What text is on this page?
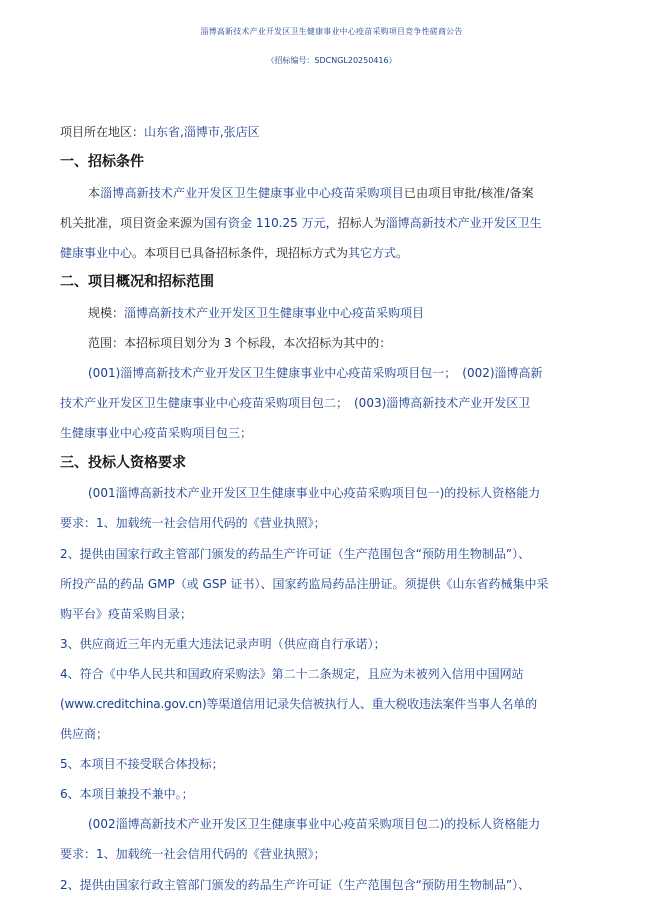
淄博高新技术产业开发区卫生健康事业中心疫苗采购项目竞争性磋商公告
（招标编号：SDCNGL20250416）
项目所在地区：山东省,淄博市,张店区
一、招标条件
本淄博高新技术产业开发区卫生健康事业中心疫苗采购项目已由项目审批/核准/备案
机关批准，项目资金来源为国有资金 110.25 万元，招标人为淄博高新技术产业开发区卫生
健康事业中心。本项目已具备招标条件，现招标方式为其它方式。
二、项目概况和招标范围
规模：淄博高新技术产业开发区卫生健康事业中心疫苗采购项目
范围：本招标项目划分为 3 个标段，本次招标为其中的：
(001)淄博高新技术产业开发区卫生健康事业中心疫苗采购项目包一；　(002)淄博高新
技术产业开发区卫生健康事业中心疫苗采购项目包二；　(003)淄博高新技术产业开发区卫
生健康事业中心疫苗采购项目包三；
三、投标人资格要求
(001淄博高新技术产业开发区卫生健康事业中心疫苗采购项目包一)的投标人资格能力
要求：1、加载统一社会信用代码的《营业执照》；
2、提供由国家行政主管部门颁发的药品生产许可证（生产范围包含“预防用生物制品”）、
所投产品的药品 GMP（或 GSP 证书）、国家药监局药品注册证。须提供《山东省药械集中采
购平台》疫苗采购目录；
3、供应商近三年内无重大违法记录声明（供应商自行承诺）；
4、符合《中华人民共和国政府采购法》第二十二条规定，且应为未被列入信用中国网站
(www.creditchina.gov.cn)等渠道信用记录失信被执行人、重大税收违法案件当事人名单的
供应商；
5、本项目不接受联合体投标；
6、本项目兼投不兼中。；
(002淄博高新技术产业开发区卫生健康事业中心疫苗采购项目包二)的投标人资格能力
要求：1、加载统一社会信用代码的《营业执照》；
2、提供由国家行政主管部门颁发的药品生产许可证（生产范围包含“预防用生物制品”）、
